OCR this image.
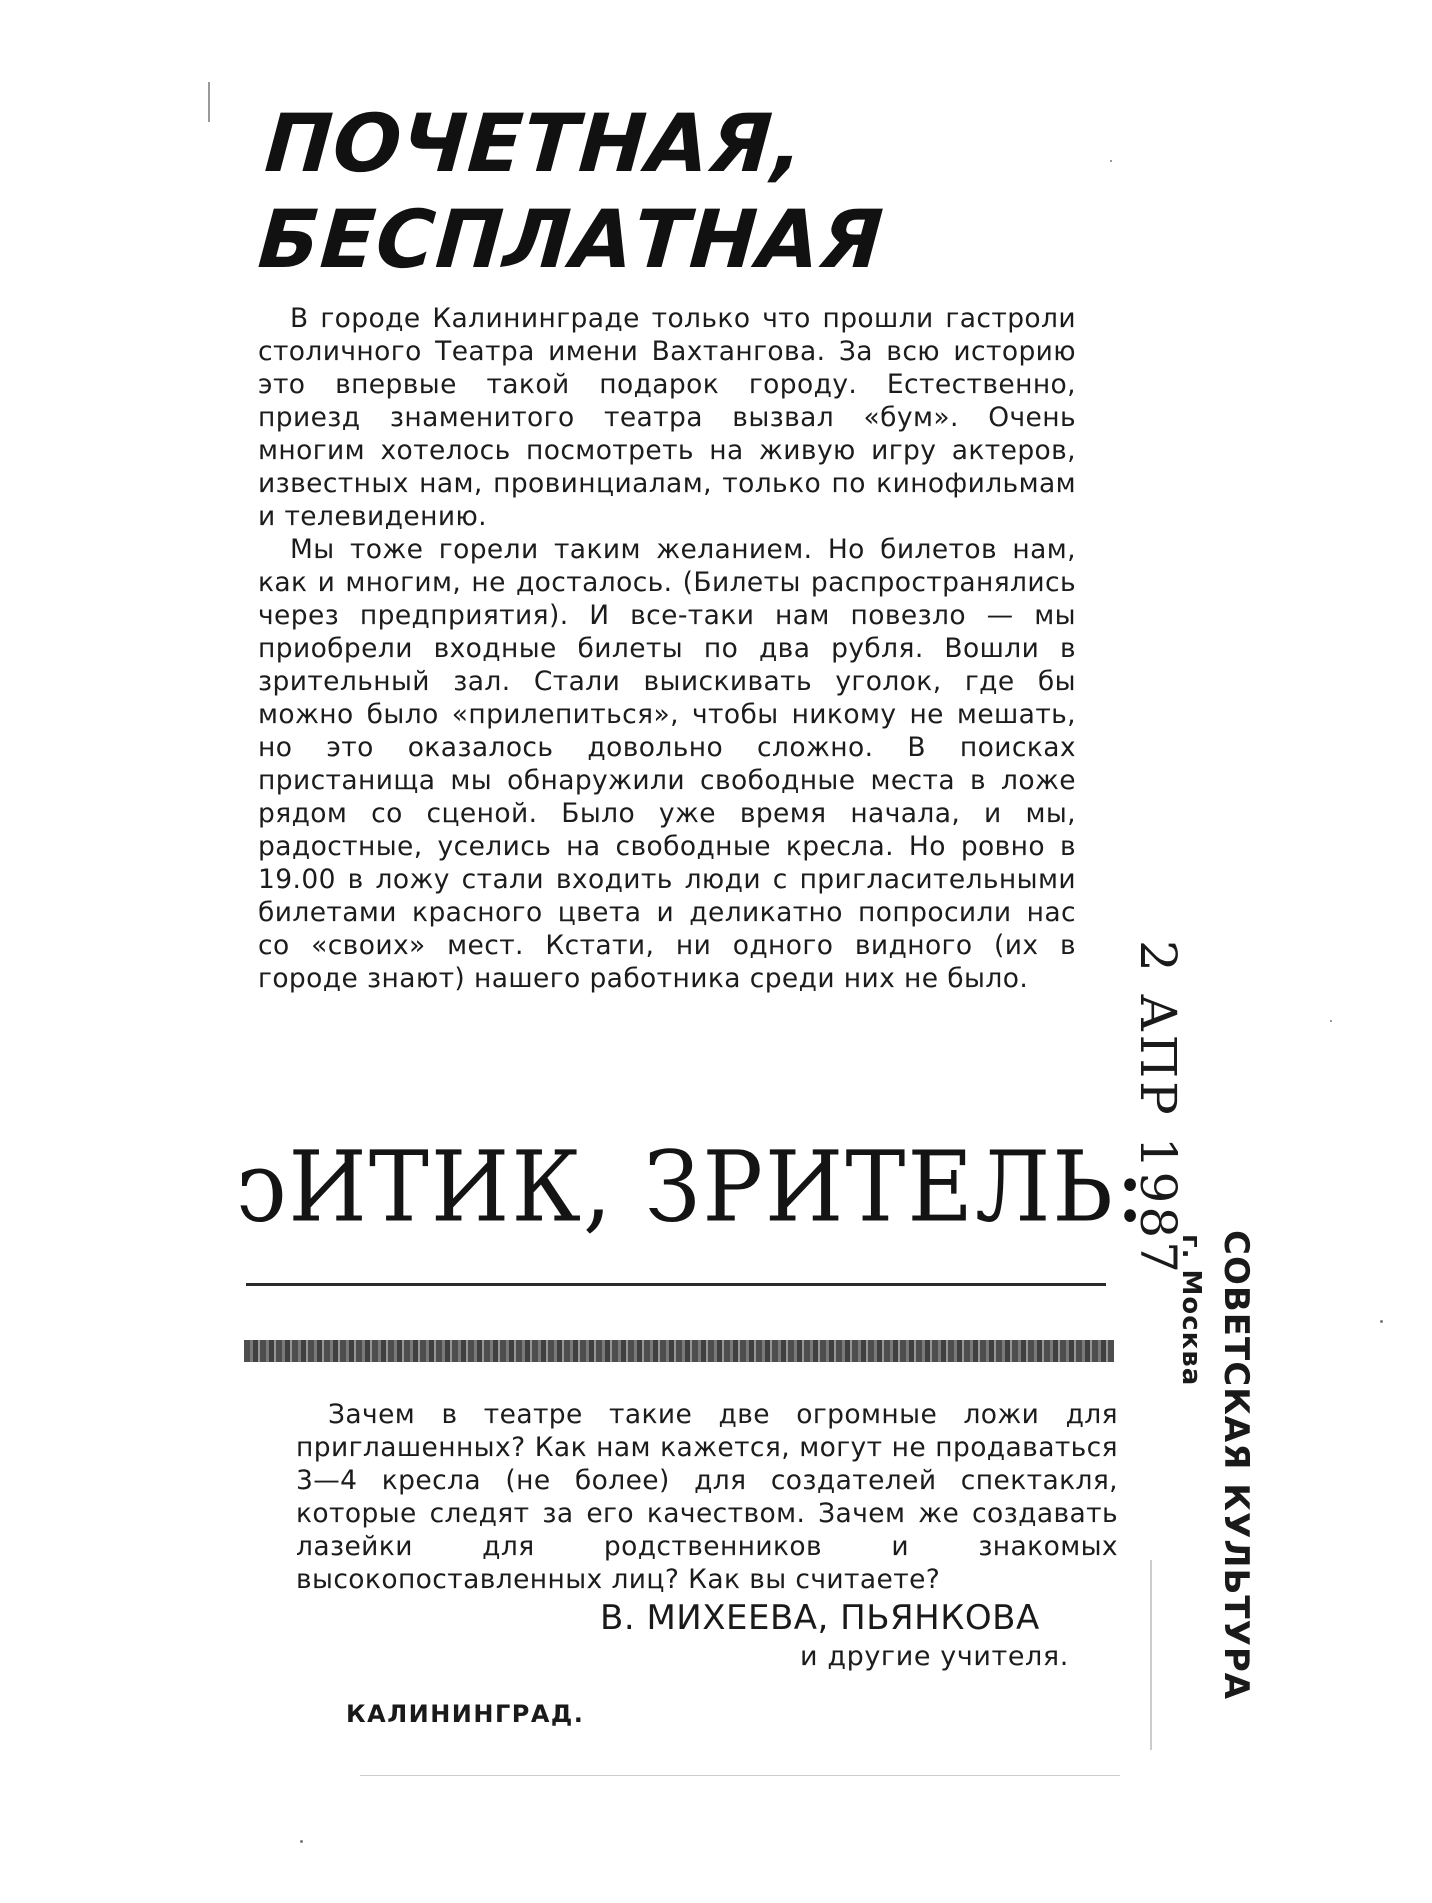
ПОЧЕТНАЯ,
БЕСПЛАТНАЯ

В городе Калининграде только что прошли гастроли столичного Театра имени Вахтангова. За всю историю это впервые такой подарок городу. Естественно, приезд знаменитого театра вызвал «бум». Очень многим хотелось посмотреть на живую игру актеров, известных нам, провинциалам, только по кинофильмам и телевидению.

Мы тоже горели таким желанием. Но билетов нам, как и многим, не досталось. (Билеты распространялись через предприятия). И все-таки нам повезло — мы приобрели входные билеты по два рубля. Вошли в зрительный зал. Стали выискивать уголок, где бы можно было «прилепиться», чтобы никому не мешать, но это оказалось довольно сложно. В поисках пристанища мы обнаружили свободные места в ложе рядом со сценой. Было уже время начала, и мы, радостные, уселись на свободные кресла. Но ровно в 19.00 в ложу стали входить люди с пригласительными билетами красного цвета и деликатно попросили нас со «своих» мест. Кстати, ни одного видного (их в городе знают) нашего работника среди них не было.

ͻИТИК, ЗРИТЕЛЬ:

Зачем в театре такие две огромные ложи для приглашенных? Как нам кажется, могут не продаваться 3—4 кресла (не более) для создателей спектакля, которые следят за его качеством. Зачем же создавать лазейки для родственников и знакомых высокопоставленных лиц? Как вы считаете?

В. МИХЕЕВА, ПЬЯНКОВА
и другие учителя.
КАЛИНИНГРАД.
2 АПР 1987
СОВЕТСКАЯ КУЛЬТУРА
г. Москва
